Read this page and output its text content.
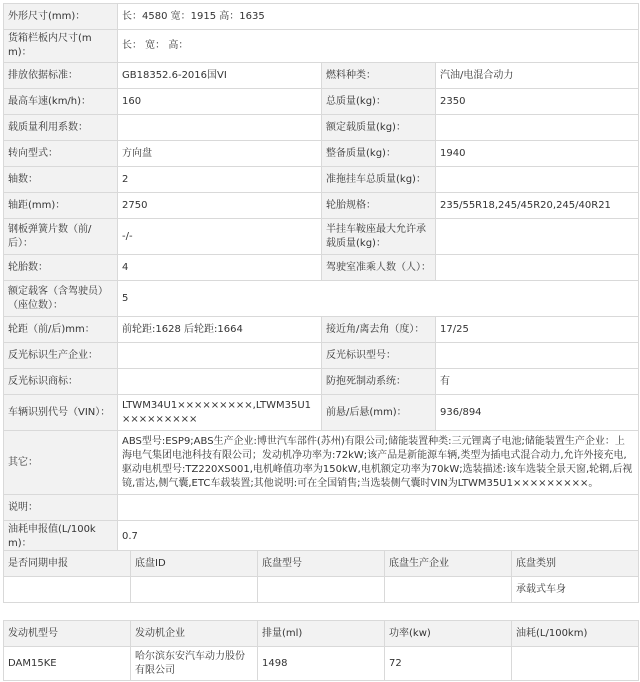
外形尺寸(mm)：	长：4580 宽：1915 高：1635		
货箱栏板内尺寸(mm)：	长： 宽： 高：		
排放依据标准：	GB18352.6-2016国VI	燃料种类：	汽油/电混合动力
最高车速(km/h)：	160	总质量(kg)：	2350
载质量利用系数：		额定载质量(kg)：	
转向型式：	方向盘	整备质量(kg)：	1940
轴数：	2	准拖挂车总质量(kg)：	
轴距(mm)：	2750	轮胎规格：	235/55R18,245/45R20,245/40R21
钢板弹簧片数（前/后）：	-/-	半挂车鞍座最大允许承载质量(kg)：	
轮胎数：	4	驾驶室准乘人数（人）：	
额定载客（含驾驶员）（座位数）：	5		
轮距（前/后)mm：	前轮距:1628 后轮距:1664	接近角/离去角（度）：	17/25
反光标识生产企业：		反光标识型号：	
反光标识商标：		防抱死制动系统：	有
车辆识别代号（VIN）：	LTWM34U1×××××××××,LTWM35U1×××××××××	前悬/后悬(mm)：	936/894
其它：	ABS型号:ESP9;ABS生产企业:博世汽车部件(苏州)有限公司;储能装置种类:三元锂离子电池;储能装置生产企业：上海电气集团电池科技有限公司；发动机净功率为:72kW;该产品是新能源车辆,类型为插电式混合动力,允许外接充电,驱动电机型号:TZ220XS001,电机峰值功率为150kW,电机额定功率为70kW;选装描述:该车选装全景天窗,轮辋,后视镜,雷达,侧气囊,ETC车载装置;其他说明:可在全国销售;当选装侧气囊时VIN为LTWM35U1×××××××××。		
说明：			
油耗申报值(L/100km)：	0.7		
是否同期申报	底盘ID	底盘型号	底盘生产企业	底盘类别
				承载式车身
发动机型号	发动机企业	排量(ml)	功率(kw)	油耗(L/100km)
DAM15KE	哈尔滨东安汽车动力股份有限公司	1498	72	
